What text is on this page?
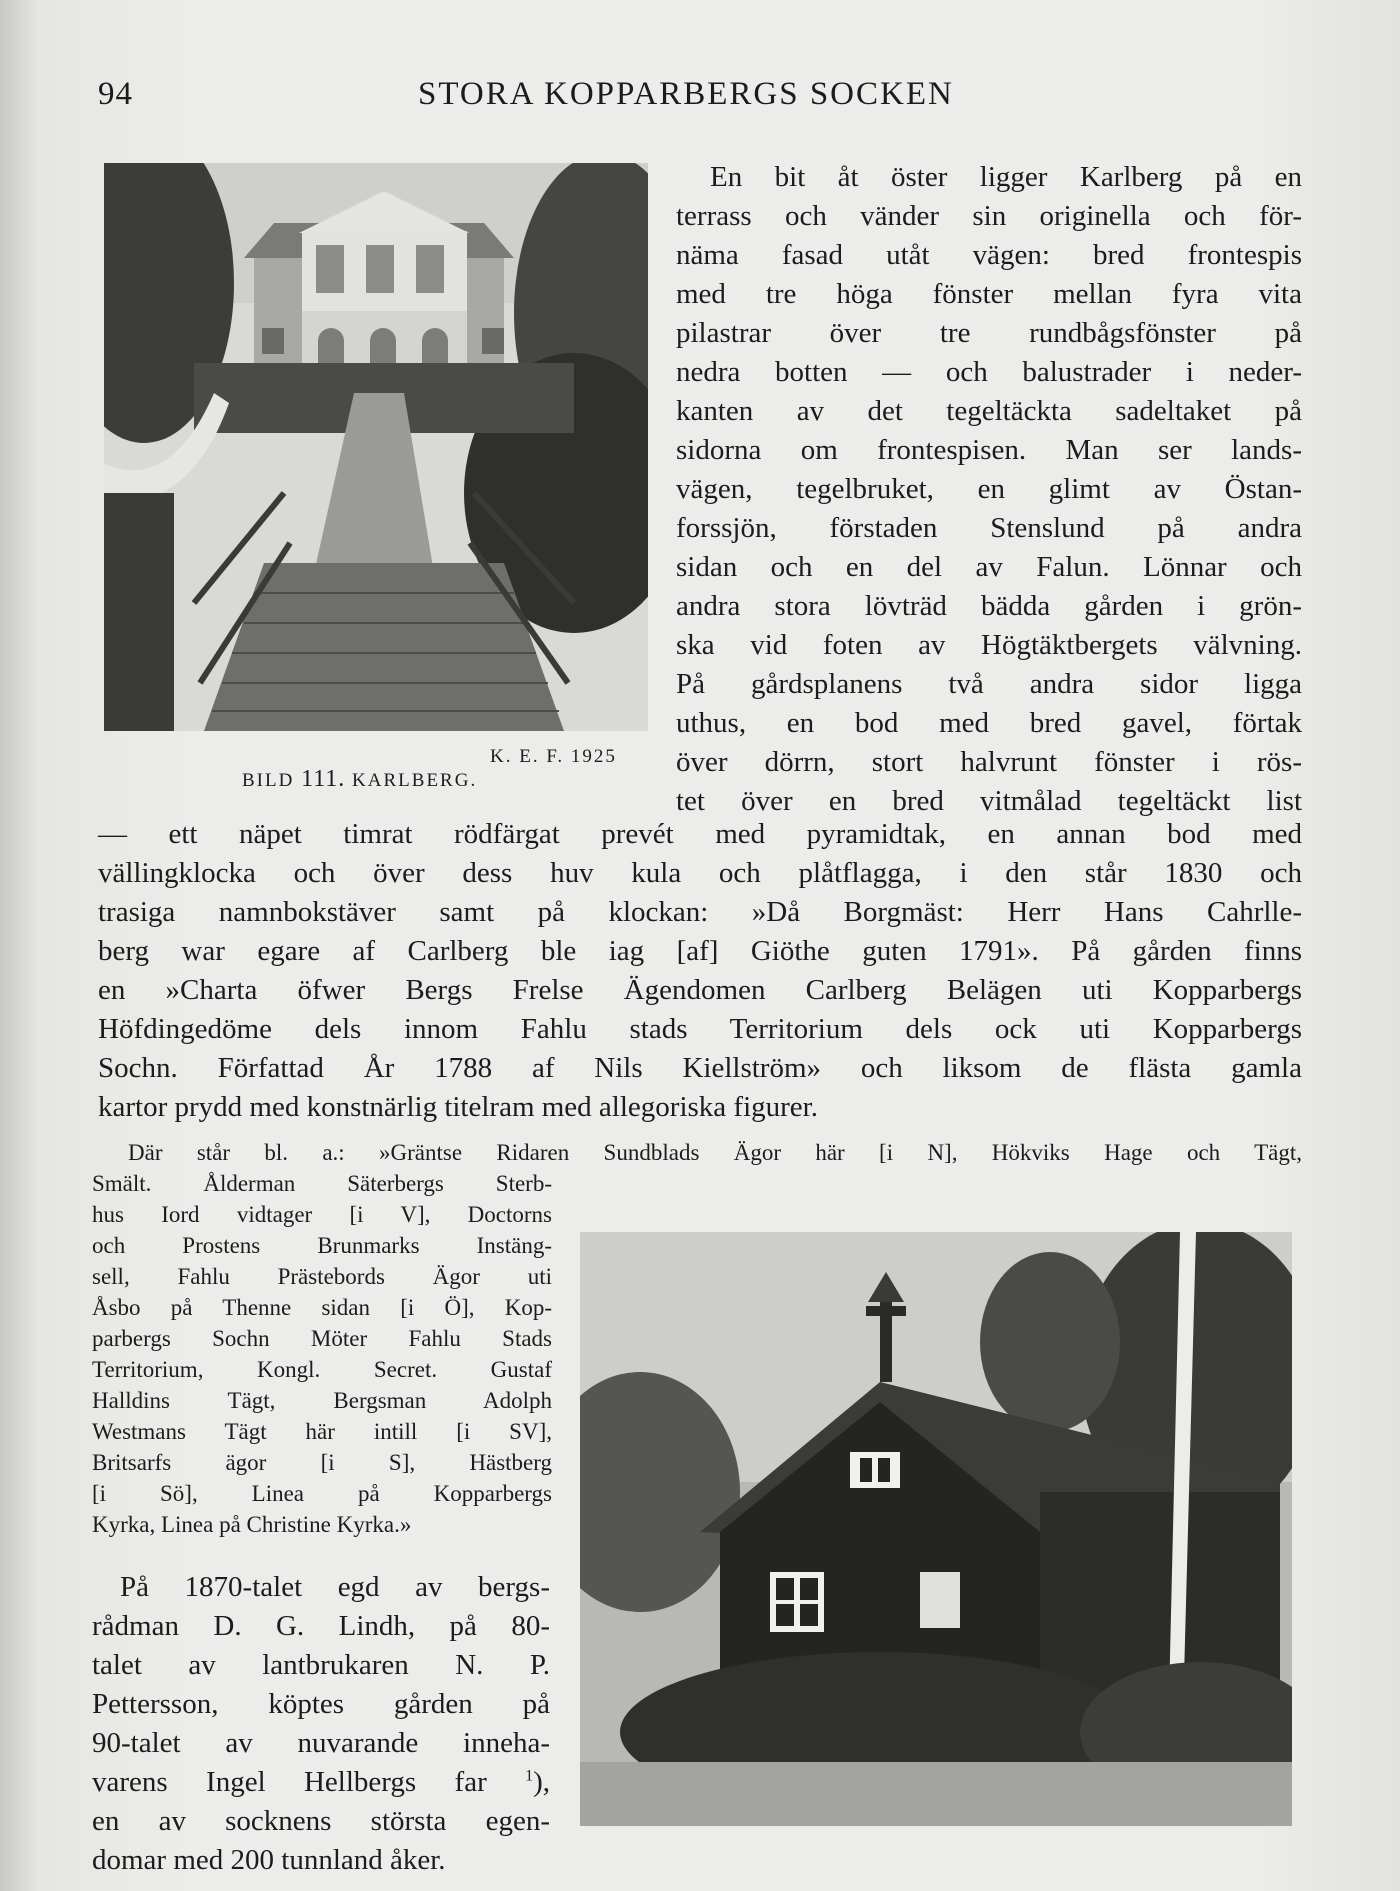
94	STORA KOPPARBERGS SOCKEN
K. E. F. 1925
BILD 111. KARLBERG.
En bit åt öster ligger Karlberg på en
terrass och vänder sin originella och för-
näma fasad utåt vägen: bred frontespis
med tre höga fönster mellan fyra vita
pilastrar över tre rundbågsfönster på
nedra botten — och balustrader i neder-
kanten av det tegeltäckta sadeltaket på
sidorna om frontespisen. Man ser lands-
vägen, tegelbruket, en glimt av Östan-
forssjön, förstaden Stenslund på andra
sidan och en del av Falun. Lönnar och
andra stora lövträd bädda gården i grön-
ska vid foten av Högtäktbergets välvning.
På gårdsplanens två andra sidor ligga
uthus, en bod med bred gavel, förtak
över dörrn, stort halvrunt fönster i rös-
tet över en bred vitmålad tegeltäckt list
— ett näpet timrat rödfärgat prevét med pyramidtak, en annan bod med
vällingklocka och över dess huv kula och plåtflagga, i den står 1830 och
trasiga namnbokstäver samt på klockan: »Då Borgmäst: Herr Hans Cahrlle-
berg war egare af Carlberg ble iag [af] Giöthe guten 1791». På gården finns
en »Charta öfwer Bergs Frelse Ägendomen Carlberg Belägen uti Kopparbergs
Höfdingedöme dels innom Fahlu stads Territorium dels ock uti Kopparbergs
Sochn. Författad År 1788 af Nils Kiellström» och liksom de flästa gamla
kartor prydd med konstnärlig titelram med allegoriska figurer.
Där står bl. a.: »Gräntse Ridaren Sundblads Ägor här [i N], Hökviks Hage och Tägt,
Smält. Ålderman Säterbergs Sterb-
hus Iord vidtager [i V], Doctorns
och Prostens Brunmarks Instäng-
sell, Fahlu Prästebords Ägor uti
Åsbo på Thenne sidan [i Ö], Kop-
parbergs Sochn Möter Fahlu Stads
Territorium, Kongl. Secret. Gustaf
Halldins Tägt, Bergsman Adolph
Westmans Tägt här intill [i SV],
Britsarfs ägor [i S], Hästberg
[i Sö], Linea på Kopparbergs
Kyrka, Linea på Christine Kyrka.»
På 1870-talet egd av bergs-
rådman D. G. Lindh, på 80-
talet av lantbrukaren N. P.
Pettersson, köptes gården på
90-talet av nuvarande inneha-
varens Ingel Hellbergs far $^1$),
en av socknens största egen-
domar med 200 tunnland åker.
